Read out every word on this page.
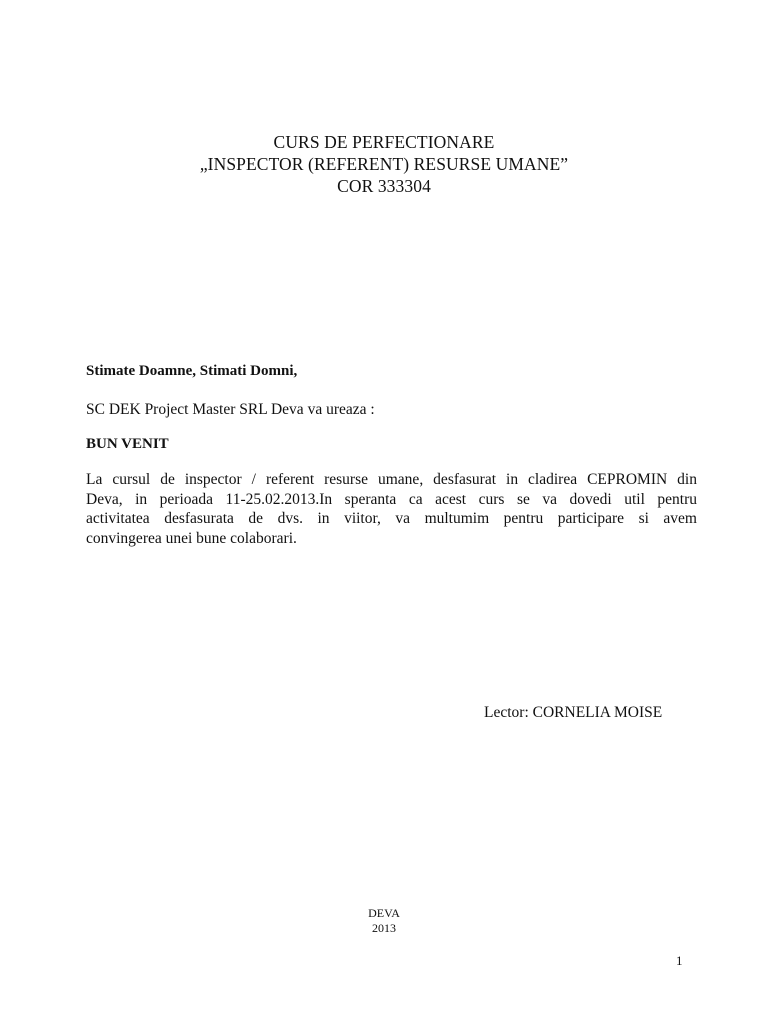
CURS DE PERFECTIONARE
„INSPECTOR (REFERENT) RESURSE UMANE”
COR 333304
Stimate Doamne, Stimati Domni,
SC DEK Project Master SRL Deva va ureaza :
BUN VENIT
La cursul de inspector / referent resurse umane, desfasurat in cladirea CEPROMIN din
Deva, in perioada 11-25.02.2013.In speranta ca acest curs se va dovedi util pentru
activitatea desfasurata de dvs. in viitor, va multumim pentru participare si avem
convingerea unei bune colaborari.
Lector: CORNELIA MOISE
DEVA
2013
1
